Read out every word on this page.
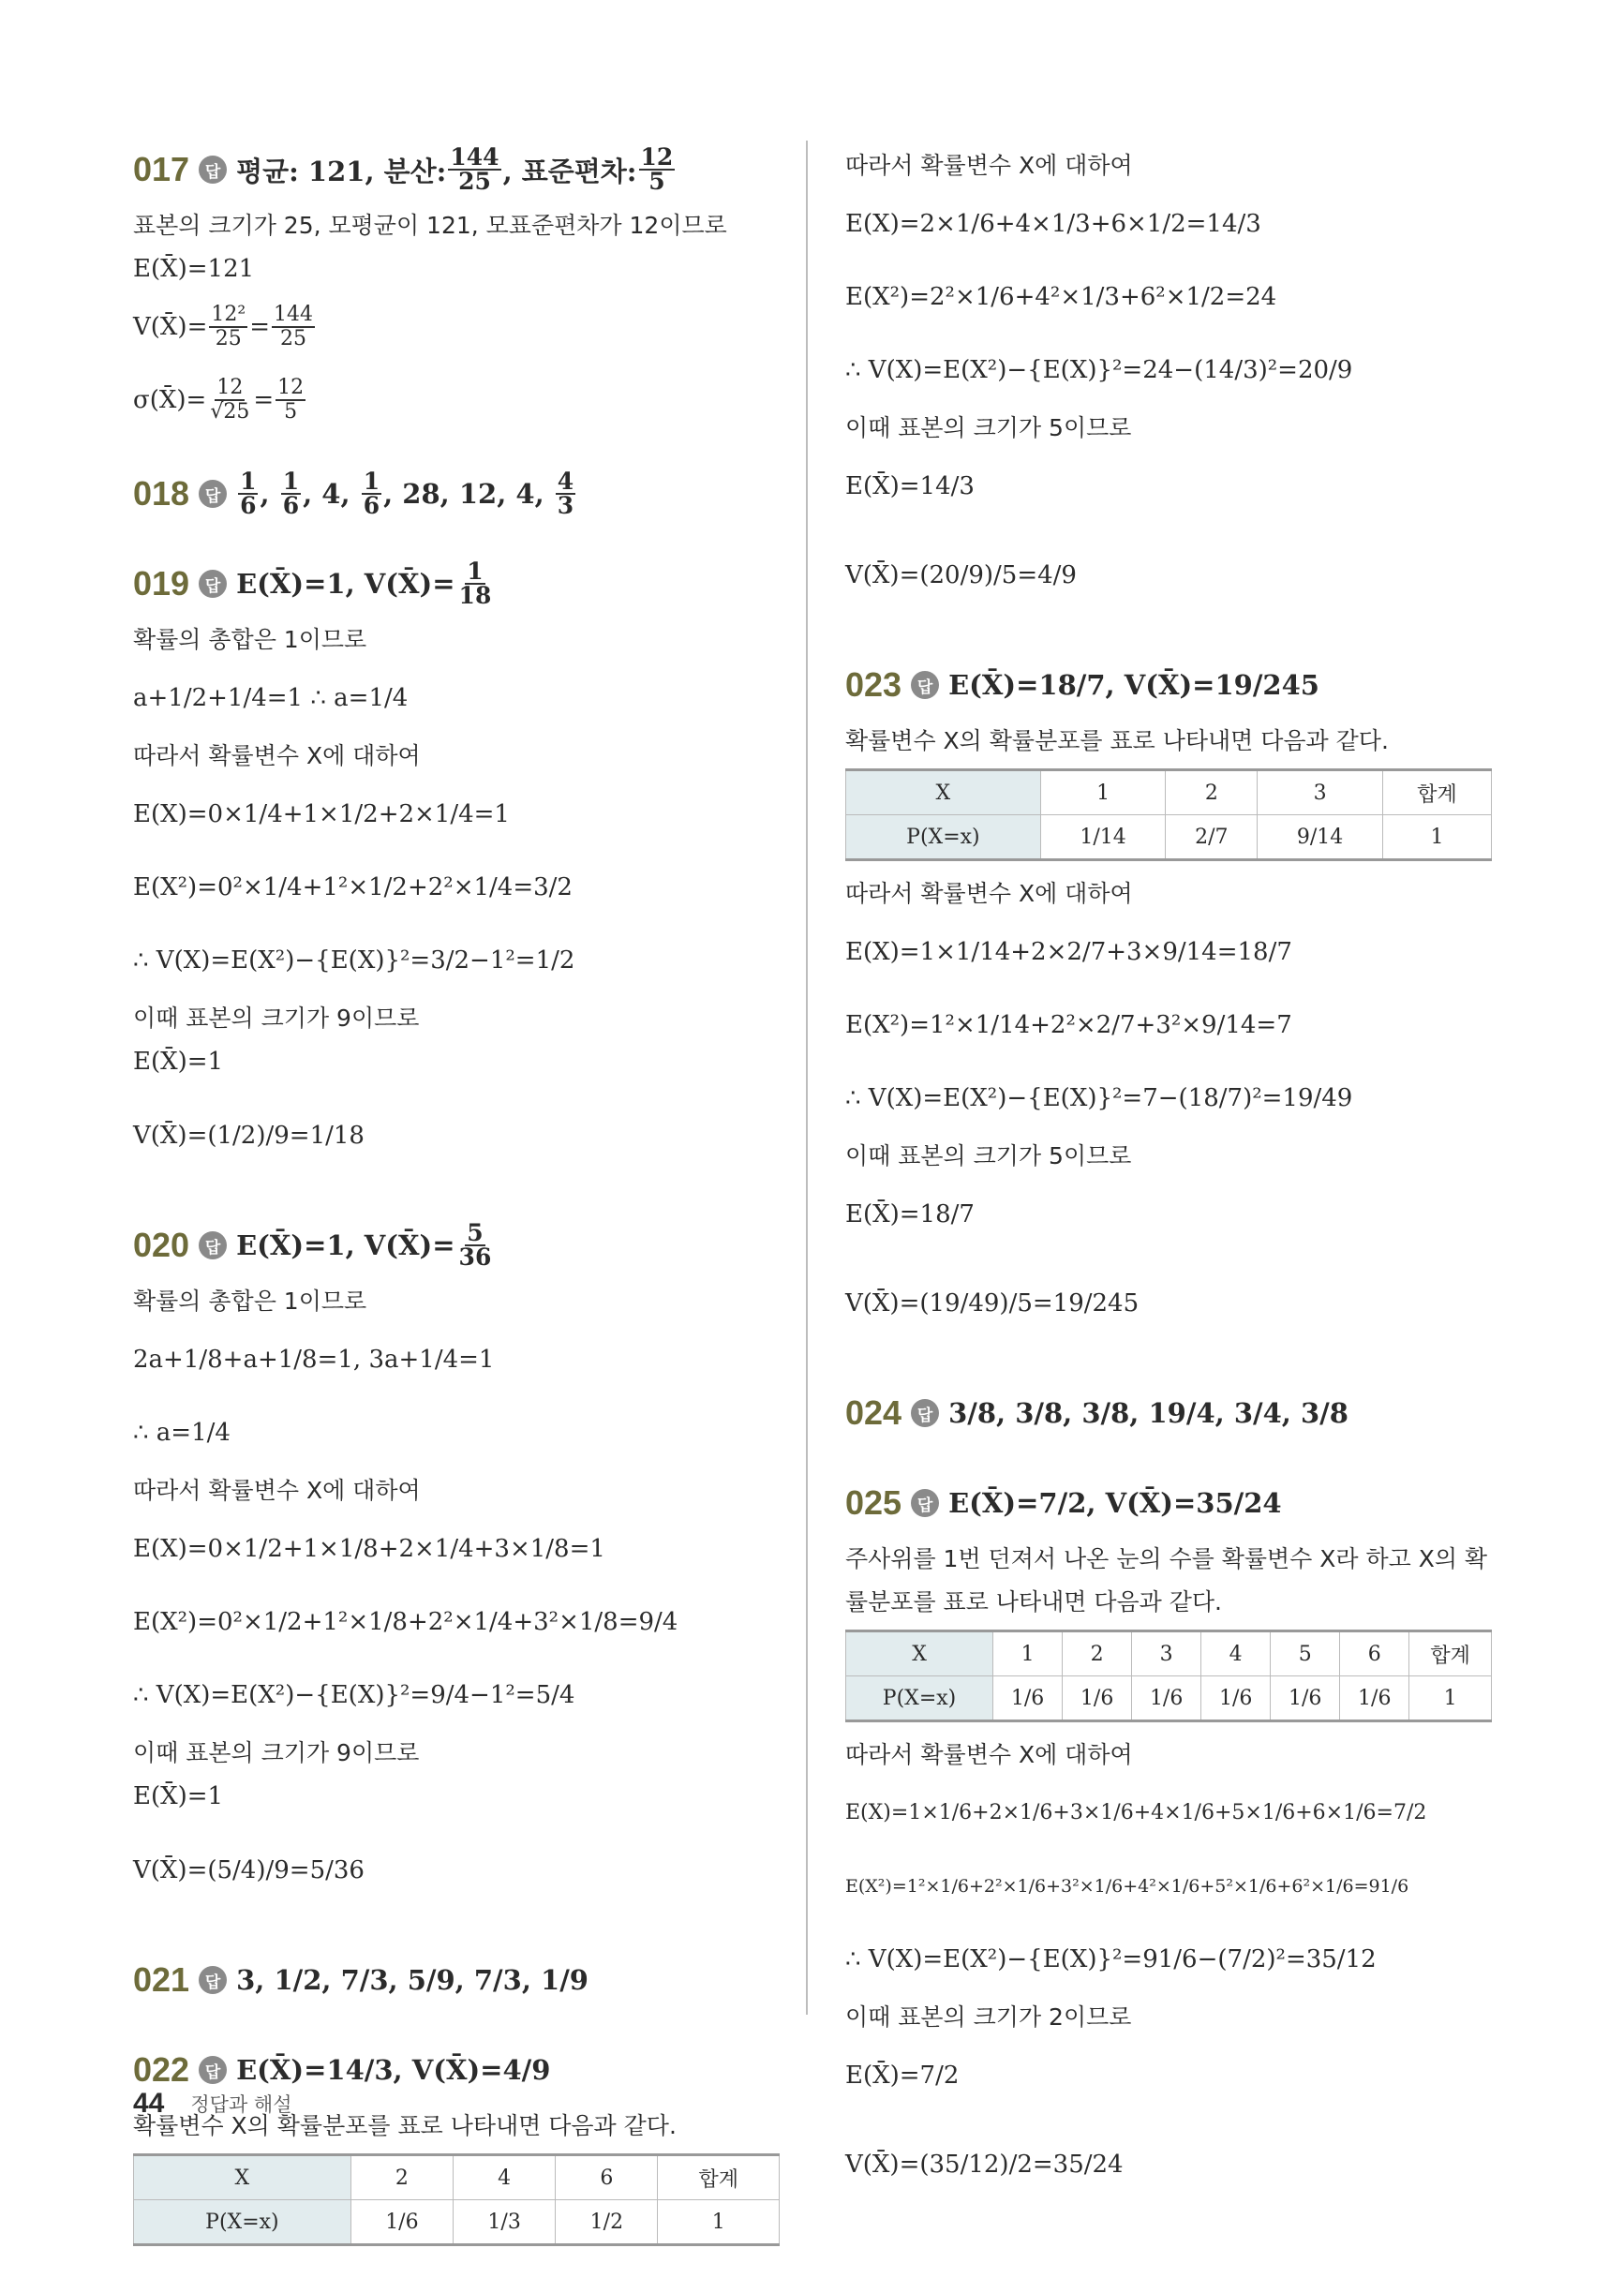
017 답 평균: 121, 분산: 144
25 , 표준편차: 12
5
표본의 크기가 25, 모평균이 121, 모표준편차가 12이므로
E(X̄)=121
V(X̄)= $\frac{\text{12²}}{25} = 144$
25
σ(X̄)= $\frac{12}{√25} = 12$
5
018 답
1
6 , 1
6 , 4 , 1
6 , 28, 12, 4,
4
3
019 답 E(X̄)=1, V(X̄)= $\frac{1}{18}$
확률의 총합은 1이므로
a+1/2+1/4=1 ∴ a=1/4
따라서 확률변수 X에 대하여
E(X)=0×1/4+1×1/2+2×1/4=1
E(X²)=0²×1/4+1²×1/2+2²×1/4=3/2
∴ V(X)=E(X²)−{E(X)}²=3/2−1²=1/2
이때 표본의 크기가 9이므로
E(X̄)=1
V(X̄)=(1/2)/9=1/18
020 답 E(X̄)=1, V(X̄)= $\frac{5}{36}$
확률의 총합은 1이므로
2a+1/8+a+1/8=1, 3a+1/4=1
∴ a=1/4
따라서 확률변수 X에 대하여
E(X)=0×1/2+1×1/8+2×1/4+3×1/8=1
E(X²)=0²×1/2+1²×1/8+2²×1/4+3²×1/8=9/4
∴ V(X)=E(X²)−{E(X)}²=9/4−1²=5/4
이때 표본의 크기가 9이므로
E(X̄)=1
V(X̄)=(5/4)/9=5/36
021 답 3, 1/2, 7/3, 5/9, 7/3, 1/9
022 답 E(X̄)=14/3, V(X̄)=4/9
확률변수 X의 확률분포를 표로 나타내면 다음과 같다.
X	2	4	6	합계
P(X=x)	1/6	1/3	1/2	1
따라서 확률변수 X에 대하여
E(X)=2×1/6+4×1/3+6×1/2=14/3
E(X²)=2²×1/6+4²×1/3+6²×1/2=24
∴ V(X)=E(X²)−{E(X)}²=24−(14/3)²=20/9
이때 표본의 크기가 5이므로
E(X̄)=14/3
V(X̄)=(20/9)/5=4/9
023 답 E(X̄)=18/7, V(X̄)=19/245
확률변수 X의 확률분포를 표로 나타내면 다음과 같다.
X	1	2	3	합계
P(X=x)	1/14	2/7	9/14	1
따라서 확률변수 X에 대하여
E(X)=1×1/14+2×2/7+3×9/14=18/7
E(X²)=1²×1/14+2²×2/7+3²×9/14=7
∴ V(X)=E(X²)−{E(X)}²=7−(18/7)²=19/49
이때 표본의 크기가 5이므로
E(X̄)=18/7
V(X̄)=(19/49)/5=19/245
024 답 3/8, 3/8, 3/8, 19/4, 3/4, 3/8
025 답 E(X̄)=7/2, V(X̄)=35/24
주사위를 1번 던져서 나온 눈의 수를 확률변수 X라 하고 X의 확
률분포를 표로 나타내면 다음과 같다.
X	1	2	3	4	5	6	합계
P(X=x)	1/6	1/6	1/6	1/6	1/6	1/6	1
따라서 확률변수 X에 대하여
E(X)=1×1/6+2×1/6+3×1/6+4×1/6+5×1/6+6×1/6=7/2
E(X²)=1²×1/6+2²×1/6+3²×1/6+4²×1/6+5²×1/6+6²×1/6=91/6
∴ V(X)=E(X²)−{E(X)}²=91/6−(7/2)²=35/12
이때 표본의 크기가 2이므로
E(X̄)=7/2
V(X̄)=(35/12)/2=35/24
44 정답과 해설
